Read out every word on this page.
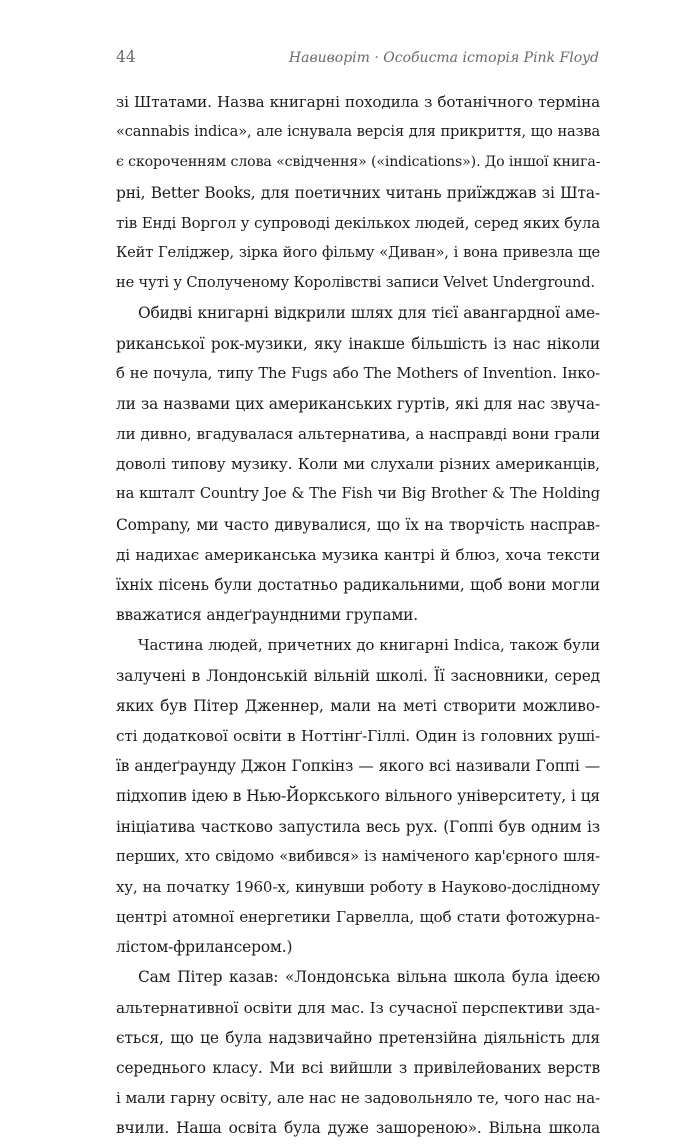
44	Навиворіт · Особиста історія Pink Floyd
зі Штатами. Назва книгарні походила з ботанічного терміна
«cannabis indica», але існувала версія для прикриття, що назва
є скороченням слова «свідчення» («indications»). До іншої книга-
рні, Better Books, для поетичних читань приїжджав зі Шта-
тів Енді Воргол у супроводі декількох людей, серед яких була
Кейт Геліджер, зірка його фільму «Диван», і вона привезла ще
не чуті у Сполученому Королівстві записи Velvet Underground.
Обидві книгарні відкрили шлях для тієї авангардної аме-
риканської рок-музики, яку інакше більшість із нас ніколи
б не почула, типу The Fugs або The Mothers of Invention. Інко-
ли за назвами цих американських гуртів, які для нас звуча-
ли дивно, вгадувалася альтернатива, а насправді вони грали
доволі типову музику. Коли ми слухали різних американців,
на кшталт Country Joe & The Fish чи Big Brother & The Holding
Company, ми часто дивувалися, що їх на творчість насправ-
ді надихає американська музика кантрі й блюз, хоча тексти
їхніх пісень були достатньо радикальними, щоб вони могли
вважатися андеґраундними групами.
Частина людей, причетних до книгарні Indica, також були
залучені в Лондонській вільній школі. Її засновники, серед
яких був Пітер Дженнер, мали на меті створити можливо-
сті додаткової освіти в Ноттінґ-Гіллі. Один із головних руші-
їв андеґраунду Джон Гопкінз — якого всі називали Гоппі —
підхопив ідею в Нью-Йоркського вільного університету, і ця
ініціатива частково запустила весь рух. (Гоппі був одним із
перших, хто свідомо «вибився» із наміченого кар'єрного шля-
ху, на початку 1960-х, кинувши роботу в Науково-дослідному
центрі атомної енергетики Гарвелла, щоб стати фотожурна-
лістом-фрилансером.)
Сам Пітер казав: «Лондонська вільна школа була ідеєю
альтернативної освіти для мас. Із сучасної перспективи зда-
ється, що це була надзвичайно претензійна діяльність для
середнього класу. Ми всі вийшли з привілейованих верств
і мали гарну освіту, але нас не задовольняло те, чого нас на-
вчили. Наша освіта була дуже зашореною». Вільна школа
